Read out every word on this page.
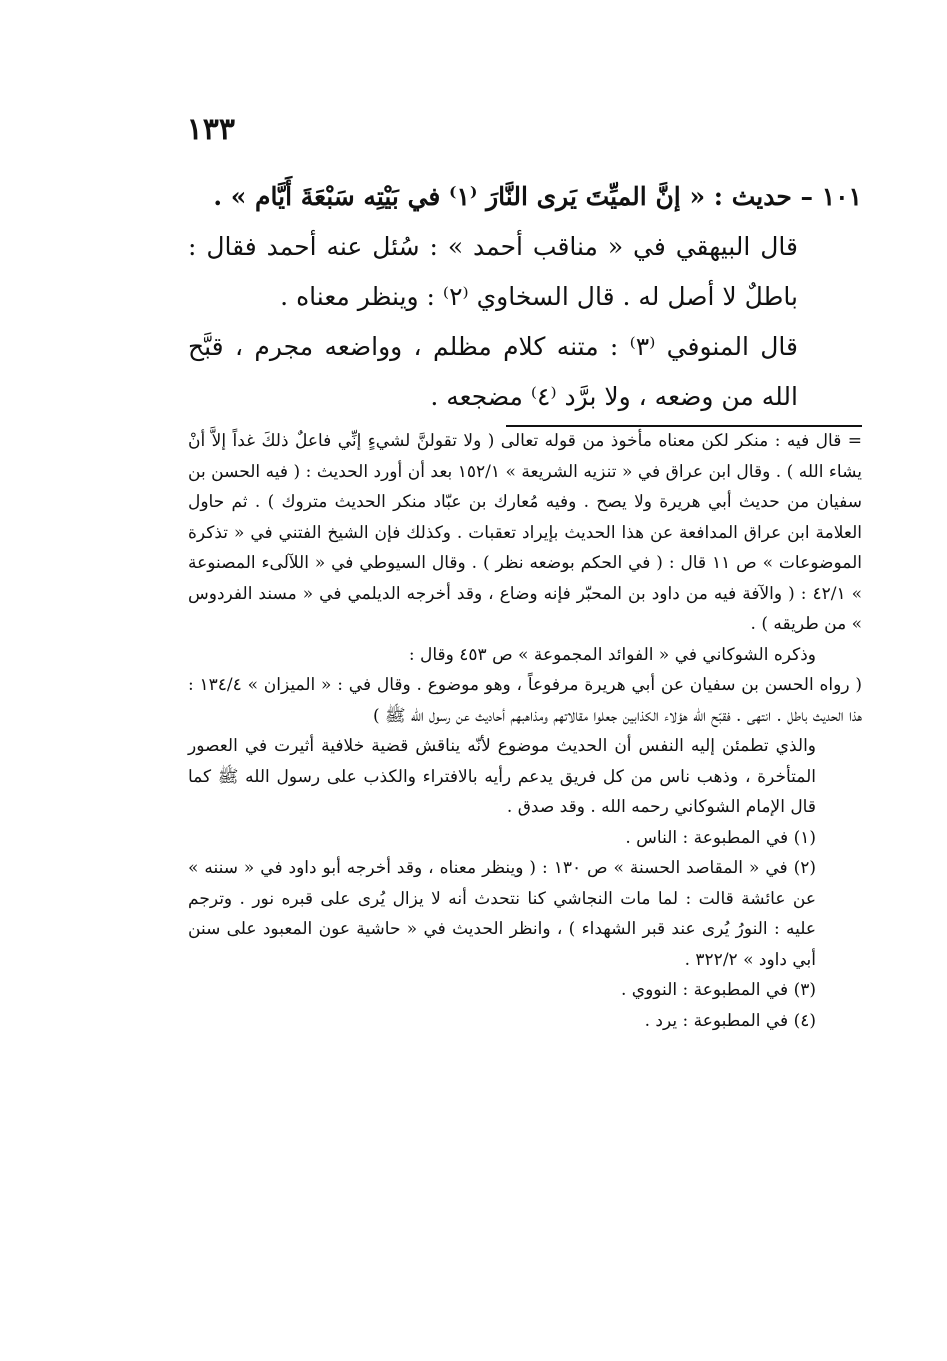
١٣٣

١٠١ – حديث : « إنَّ الميِّتَ يَرى النَّارَ ⁽١⁾ في بَيْتِه سَبْعَةَ أَيَّام » .

قال البيهقي في « مناقب أحمد » : سُئل عنه أحمد فقال : باطلٌ لا أصل له . قال السخاوي ⁽٢⁾ : وينظر معناه .

قال المنوفي ⁽٣⁾ : متنه كلام مظلم ، وواضعه مجرم ، قبَّح الله من وضعه ، ولا برَّد ⁽٤⁾ مضجعه .

= قال فيه : منكر لكن معناه مأخوذ من قوله تعالى ( ولا تقولنَّ لشيءٍ إنِّي فاعلٌ ذلكَ غداً إلاَّ أنْ يشاء الله ) . وقال ابن عراق في « تنزيه الشريعة » ١٥٢/١ بعد أن أورد الحديث : ( فيه الحسن بن سفيان من حديث أبي هريرة ولا يصح . وفيه مُعارك بن عبّاد منكر الحديث متروك ) . ثم حاول العلامة ابن عراق المدافعة عن هذا الحديث بإيراد تعقبات . وكذلك فإن الشيخ الفتني في « تذكرة الموضوعات » ص ١١ قال : ( في الحكم بوضعه نظر ) . وقال السيوطي في « اللآلىء المصنوعة » ٤٢/١ : ( والآفة فيه من داود بن المحبّر فإنه وضاع ، وقد أخرجه الديلمي في « مسند الفردوس » من طريقه ) .

وذكره الشوكاني في « الفوائد المجموعة » ص ٤٥٣ وقال :

( رواه الحسن بن سفيان عن أبي هريرة مرفوعاً ، وهو موضوع . وقال في : « الميزان » ١٣٤/٤ : هذا الحديث باطل . انتهى . فقبّح الله هؤلاء الكذابين جعلوا مقالاتهم ومذاهبهم أحاديث عن رسول الله ﷺ )

والذي تطمئن إليه النفس أن الحديث موضوع لأنّه يناقش قضية خلافية أثيرت في العصور المتأخرة ، وذهب ناس من كل فريق يدعم رأيه بالافتراء والكذب على رسول الله ﷺ كما قال الإمام الشوكاني رحمه الله . وقد صدق .

(١) في المطبوعة : الناس .

(٢) في « المقاصد الحسنة » ص ١٣٠ : ( وينظر معناه ، وقد أخرجه أبو داود في « سننه » عن عائشة قالت : لما مات النجاشي كنا نتحدث أنه لا يزال يُرى على قبره نور . وترجم عليه : النورُ يُرى عند قبر الشهداء ) ، وانظر الحديث في « حاشية عون المعبود على سنن أبي داود » ٣٢٢/٢ .

(٣) في المطبوعة : النووي .

(٤) في المطبوعة : يرد .
